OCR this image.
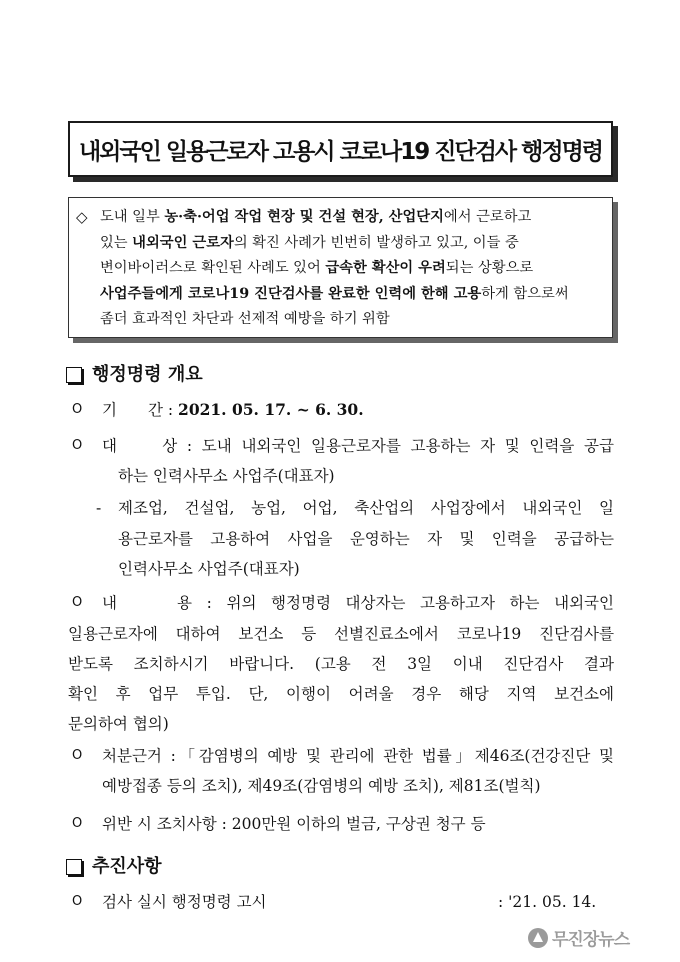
내외국인 일용근로자 고용시 코로나19 진단검사 행정명령
◇ 도내 일부 농·축·어업 작업 현장 및 건설 현장, 산업단지에서 근로하고
있는 내외국인 근로자의 확진 사례가 빈번히 발생하고 있고, 이들 중
변이바이러스로 확인된 사례도 있어 급속한 확산이 우려되는 상황으로
사업주들에게 코로나19 진단검사를 완료한 인력에 한해 고용하게 함으로써
좀더 효과적인 차단과 선제적 예방을 하기 위함
행정명령 개요
O 기　　간 : 2021. 05. 17. ~ 6. 30.
O 대　　상 : 도내 내외국인 일용근로자를 고용하는 자 및 인력을 공급
하는 인력사무소 사업주(대표자)
- 제조업, 건설업, 농업, 어업, 축산업의 사업장에서 내외국인 일
용근로자를 고용하여 사업을 운영하는 자 및 인력을 공급하는
인력사무소 사업주(대표자)
O 내　　용 : 위의 행정명령 대상자는 고용하고자 하는 내외국인
일용근로자에 대하여 보건소 등 선별진료소에서 코로나19 진단검사를
받도록 조치하시기 바랍니다. (고용 전 3일 이내 진단검사 결과
확인 후 업무 투입. 단, 이행이 어려울 경우 해당 지역 보건소에
문의하여 협의)
O 처분근거 :「감염병의 예방 및 관리에 관한 법률」제46조(건강진단 및
예방접종 등의 조치), 제49조(감염병의 예방 조치), 제81조(벌칙)
O 위반 시 조치사항 : 200만원 이하의 벌금, 구상권 청구 등
추진사항
O 검사 실시 행정명령 고시	: '21. 05. 14.
무진장뉴스
